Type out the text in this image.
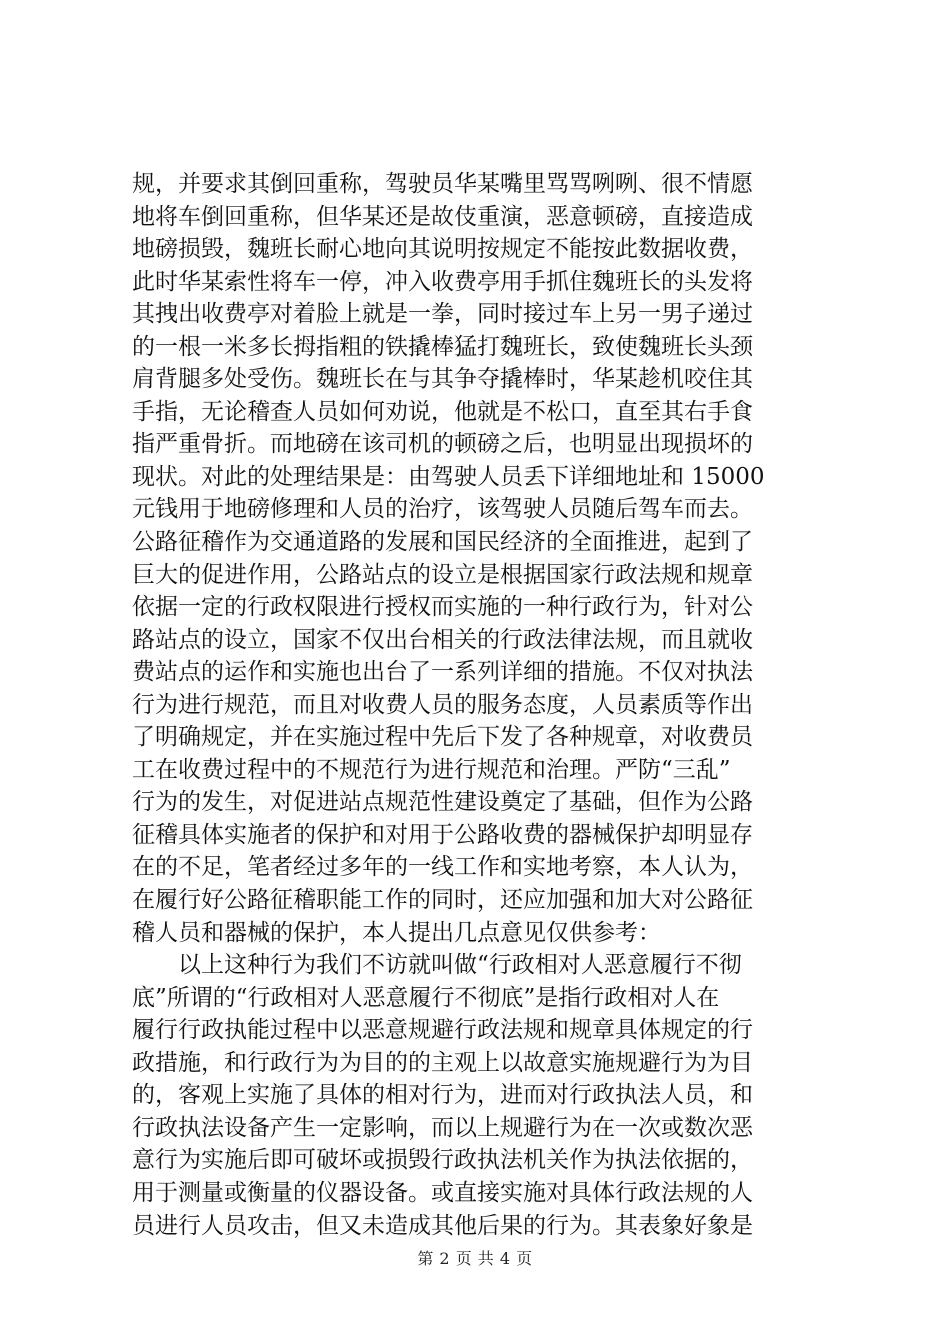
规，并要求其倒回重称，驾驶员华某嘴里骂骂咧咧、很不情愿

地将车倒回重称，但华某还是故伎重演，恶意顿磅，直接造成

地磅损毁，魏班长耐心地向其说明按规定不能按此数据收费，

此时华某索性将车一停，冲入收费亭用手抓住魏班长的头发将

其拽出收费亭对着脸上就是一拳，同时接过车上另一男子递过

的一根一米多长拇指粗的铁撬棒猛打魏班长，致使魏班长头颈

肩背腿多处受伤。魏班长在与其争夺撬棒时，华某趁机咬住其

手指，无论稽查人员如何劝说，他就是不松口，直至其右手食

指严重骨折。而地磅在该司机的顿磅之后，也明显出现损坏的

现状。对此的处理结果是：由驾驶人员丢下详细地址和 15000

元钱用于地磅修理和人员的治疗，该驾驶人员随后驾车而去。

公路征稽作为交通道路的发展和国民经济的全面推进，起到了

巨大的促进作用，公路站点的设立是根据国家行政法规和规章

依据一定的行政权限进行授权而实施的一种行政行为，针对公

路站点的设立，国家不仅出台相关的行政法律法规，而且就收

费站点的运作和实施也出台了一系列详细的措施。不仅对执法

行为进行规范，而且对收费人员的服务态度，人员素质等作出

了明确规定，并在实施过程中先后下发了各种规章，对收费员

工在收费过程中的不规范行为进行规范和治理。严防“三乱”

行为的发生，对促进站点规范性建设奠定了基础，但作为公路

征稽具体实施者的保护和对用于公路收费的器械保护却明显存

在的不足，笔者经过多年的一线工作和实地考察，本人认为，

在履行好公路征稽职能工作的同时，还应加强和加大对公路征

稽人员和器械的保护，本人提出几点意见仅供参考：

　　以上这种行为我们不访就叫做“行政相对人恶意履行不彻

底”所谓的“行政相对人恶意履行不彻底”是指行政相对人在

履行行政执能过程中以恶意规避行政法规和规章具体规定的行

政措施，和行政行为为目的的主观上以故意实施规避行为为目

的，客观上实施了具体的相对行为，进而对行政执法人员，和

行政执法设备产生一定影响，而以上规避行为在一次或数次恶

意行为实施后即可破坏或损毁行政执法机关作为执法依据的，

用于测量或衡量的仪器设备。或直接实施对具体行政法规的人

员进行人员攻击，但又未造成其他后果的行为。其表象好象是

第 2 页 共 4 页
